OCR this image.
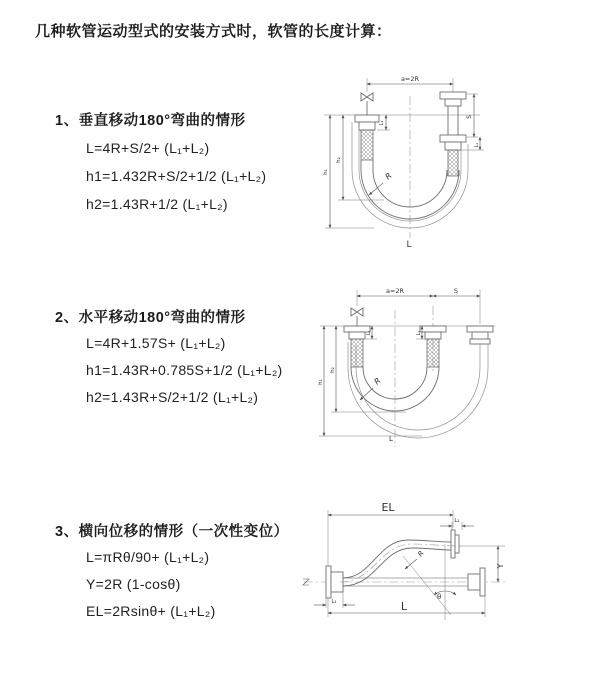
几种软管运动型式的安装方式时，软管的长度计算：
1、垂直移动180°弯曲的情形
L=4R+S/2+ (L₁+L₂)
h1=1.432R+S/2+1/2 (L₁+L₂)
h2=1.43R+1/2 (L₁+L₂)
2、水平移动180°弯曲的情形
L=4R+1.57S+ (L₁+L₂)
h1=1.43R+0.785S+1/2 (L₁+L₂)
h2=1.43R+S/2+1/2 (L₁+L₂)
3、横向位移的情形（一次性变位）
L=πRθ/90+ (L₁+L₂)
Y=2R (1-cosθ)
EL=2Rsinθ+ (L₁+L₂)
a=2R
L₁
S
L₂
h₁
h₂
R
L
a=2R	S
L₁	L₂
h₁
h₂
R
L
EL
L₂
θ
R
Y
L₁	L
